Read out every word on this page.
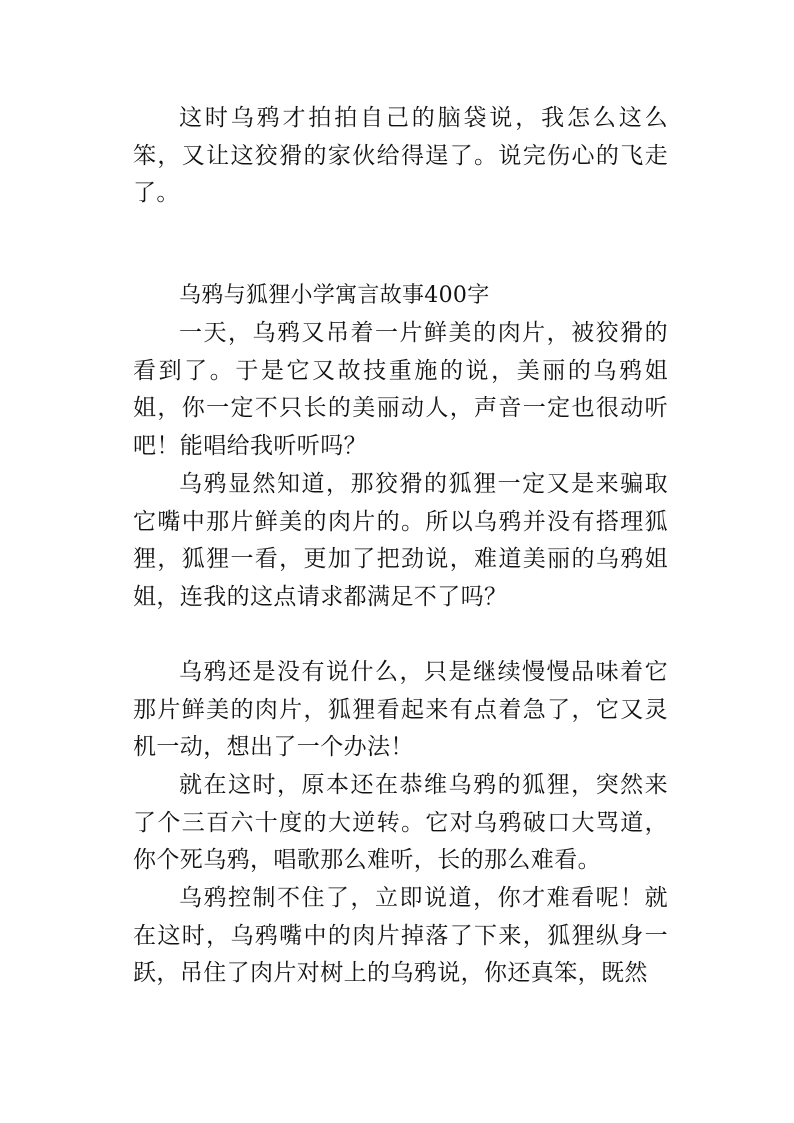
这时乌鸦才拍拍自己的脑袋说，我怎么这么笨，又让这狡猾的家伙给得逞了。说完伤心的飞走了。

乌鸦与狐狸小学寓言故事400字

一天，乌鸦又吊着一片鲜美的肉片，被狡猾的看到了。于是它又故技重施的说，美丽的乌鸦姐姐，你一定不只长的美丽动人，声音一定也很动听吧！能唱给我听听吗？

乌鸦显然知道，那狡猾的狐狸一定又是来骗取它嘴中那片鲜美的肉片的。所以乌鸦并没有搭理狐狸，狐狸一看，更加了把劲说，难道美丽的乌鸦姐姐，连我的这点请求都满足不了吗？

乌鸦还是没有说什么，只是继续慢慢品味着它那片鲜美的肉片，狐狸看起来有点着急了，它又灵机一动，想出了一个办法！

就在这时，原本还在恭维乌鸦的狐狸，突然来了个三百六十度的大逆转。它对乌鸦破口大骂道，你个死乌鸦，唱歌那么难听，长的那么难看。

乌鸦控制不住了，立即说道，你才难看呢！就在这时，乌鸦嘴中的肉片掉落了下来，狐狸纵身一跃，吊住了肉片对树上的乌鸦说，你还真笨，既然
